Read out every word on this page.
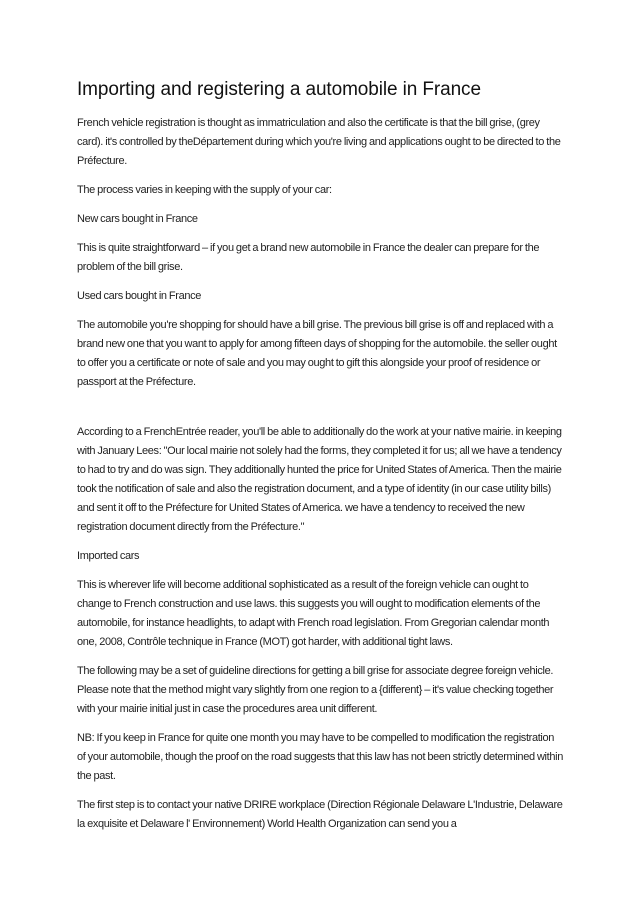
Importing and registering a automobile in France

French vehicle registration is thought as immatriculation and also the certificate is that the bill grise, (grey card). it's controlled by theDépartement during which you're living and applications ought to be directed to the Préfecture.

The process varies in keeping with the supply of your car:

New cars bought in France

This is quite straightforward – if you get a brand new automobile in France the dealer can prepare for the problem of the bill grise.

Used cars bought in France

The automobile you're shopping for should have a bill grise. The previous bill grise is off and replaced with a brand new one that you want to apply for among fifteen days of shopping for the automobile. the seller ought to offer you a certificate or note of sale and you may ought to gift this alongside your proof of residence or passport at the Préfecture.

According to a FrenchEntrée reader, you'll be able to additionally do the work at your native mairie. in keeping with January Lees: "Our local mairie not solely had the forms, they completed it for us; all we have a tendency to had to try and do was sign. They additionally hunted the price for United States of America. Then the mairie took the notification of sale and also the registration document, and a type of identity (in our case utility bills) and sent it off to the Préfecture for United States of America. we have a tendency to received the new registration document directly from the Préfecture."

Imported cars

This is wherever life will become additional sophisticated as a result of the foreign vehicle can ought to change to French construction and use laws. this suggests you will ought to modification elements of the automobile, for instance headlights, to adapt with French road legislation. From Gregorian calendar month one, 2008, Contrôle technique in France (MOT) got harder, with additional tight laws.

The following may be a set of guideline directions for getting a bill grise for associate degree foreign vehicle. Please note that the method might vary slightly from one region to a {different} – it's value checking together with your mairie initial just in case the procedures area unit different.

NB: If you keep in France for quite one month you may have to be compelled to modification the registration of your automobile, though the proof on the road suggests that this law has not been strictly determined within the past.

The first step is to contact your native DRIRE workplace (Direction Régionale Delaware L'Industrie, Delaware la exquisite et Delaware l' Environnement) World Health Organization can send you a
